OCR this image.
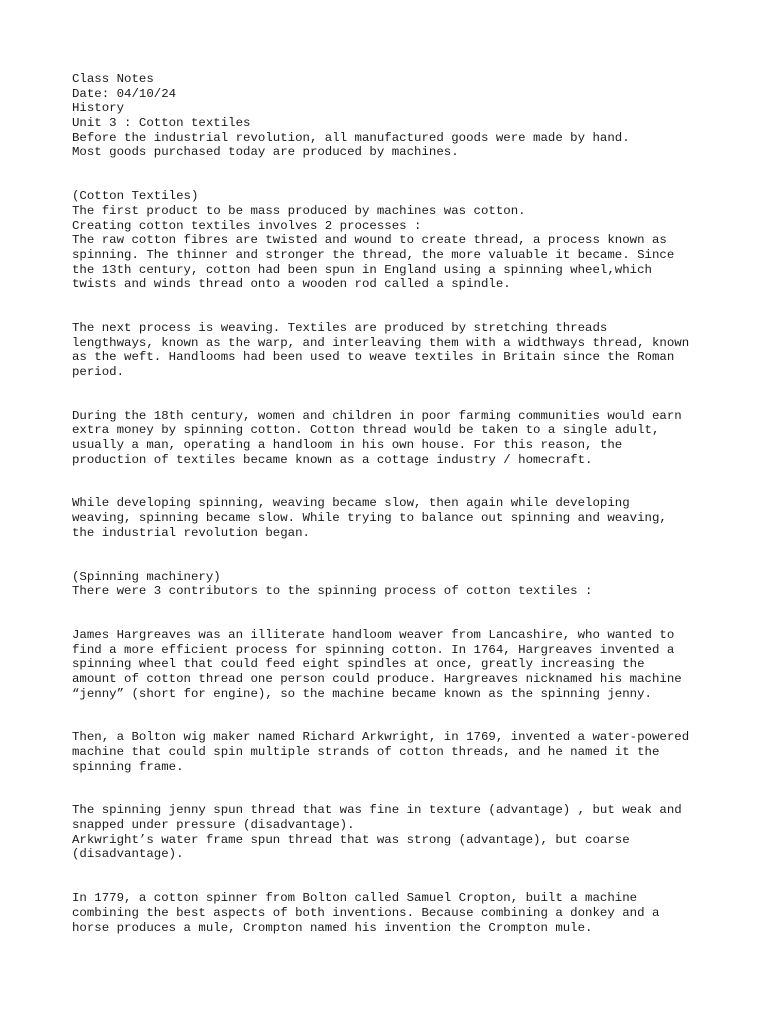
Class Notes
Date: 04/10/24
History
Unit 3 : Cotton textiles
Before the industrial revolution, all manufactured goods were made by hand.
Most goods purchased today are produced by machines.
(Cotton Textiles)
The first product to be mass produced by machines was cotton.
Creating cotton textiles involves 2 processes :
The raw cotton fibres are twisted and wound to create thread, a process known as
spinning. The thinner and stronger the thread, the more valuable it became. Since
the 13th century, cotton had been spun in England using a spinning wheel,which
twists and winds thread onto a wooden rod called a spindle.
The next process is weaving. Textiles are produced by stretching threads
lengthways, known as the warp, and interleaving them with a widthways thread, known
as the weft. Handlooms had been used to weave textiles in Britain since the Roman
period.
During the 18th century, women and children in poor farming communities would earn
extra money by spinning cotton. Cotton thread would be taken to a single adult,
usually a man, operating a handloom in his own house. For this reason, the
production of textiles became known as a cottage industry / homecraft.
While developing spinning, weaving became slow, then again while developing
weaving, spinning became slow. While trying to balance out spinning and weaving,
the industrial revolution began.
(Spinning machinery)
There were 3 contributors to the spinning process of cotton textiles :
James Hargreaves was an illiterate handloom weaver from Lancashire, who wanted to
find a more efficient process for spinning cotton. In 1764, Hargreaves invented a
spinning wheel that could feed eight spindles at once, greatly increasing the
amount of cotton thread one person could produce. Hargreaves nicknamed his machine
“jenny” (short for engine), so the machine became known as the spinning jenny.
Then, a Bolton wig maker named Richard Arkwright, in 1769, invented a water-powered
machine that could spin multiple strands of cotton threads, and he named it the
spinning frame.
The spinning jenny spun thread that was fine in texture (advantage) , but weak and
snapped under pressure (disadvantage).
Arkwright’s water frame spun thread that was strong (advantage), but coarse
(disadvantage).
In 1779, a cotton spinner from Bolton called Samuel Cropton, built a machine
combining the best aspects of both inventions. Because combining a donkey and a
horse produces a mule, Crompton named his invention the Crompton mule.
